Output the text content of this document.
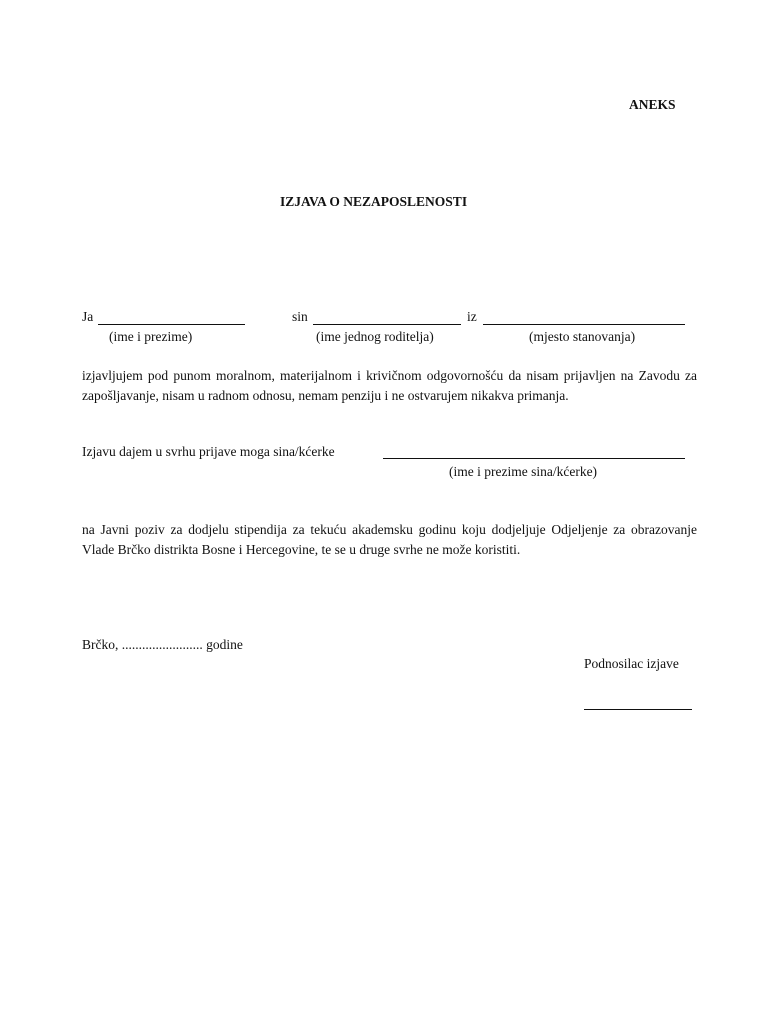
ANEKS
IZJAVA O NEZAPOSLENOSTI
Ja	sin	iz
(ime i prezime)	(ime jednog roditelja)	(mjesto stanovanja)
izjavljujem pod punom moralnom, materijalnom i krivičnom odgovornošću da nisam prijavljen na Zavodu za zapošljavanje, nisam u radnom odnosu, nemam penziju i ne ostvarujem nikakva primanja.
Izjavu dajem u svrhu prijave moga sina/kćerke
(ime i prezime sina/kćerke)
na Javni poziv za dodjelu stipendija za tekuću akademsku godinu koju dodjeljuje Odjeljenje za obrazovanje Vlade Brčko distrikta Bosne i Hercegovine, te se u druge svrhe ne može koristiti.
Brčko, ........................ godine
Podnosilac izjave
